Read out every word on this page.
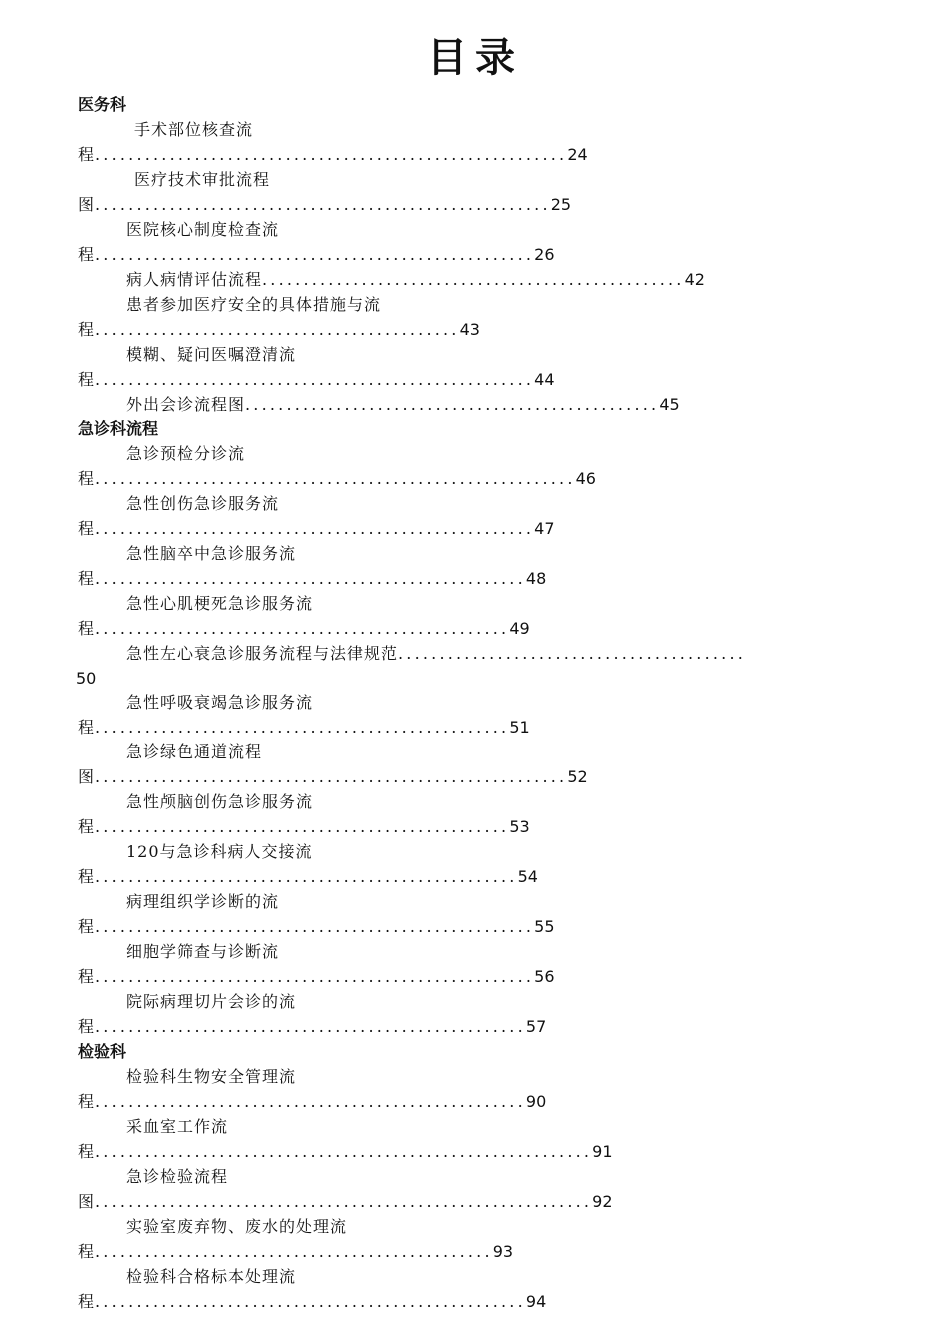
目录
医务科
手术部位核查流
程.........................................................24
医疗技术审批流程
图.......................................................25
医院核心制度检查流
程.....................................................26
病人病情评估流程...................................................42
患者参加医疗安全的具体措施与流
程............................................43
模糊、疑问医嘱澄清流
程.....................................................44
外出会诊流程图..................................................45
急诊科流程
急诊预检分诊流
程..........................................................46
急性创伤急诊服务流
程.....................................................47
急性脑卒中急诊服务流
程....................................................48
急性心肌梗死急诊服务流
程..................................................49
急性左心衰急诊服务流程与法律规范..........................................
50
急性呼吸衰竭急诊服务流
程..................................................51
急诊绿色通道流程
图.........................................................52
急性颅脑创伤急诊服务流
程..................................................53
120与急诊科病人交接流
程...................................................54
病理组织学诊断的流
程.....................................................55
细胞学筛查与诊断流
程.....................................................56
院际病理切片会诊的流
程....................................................57
检验科
检验科生物安全管理流
程....................................................90
采血室工作流
程............................................................91
急诊检验流程
图............................................................92
实验室废弃物、废水的处理流
程................................................93
检验科合格标本处理流
程....................................................94
